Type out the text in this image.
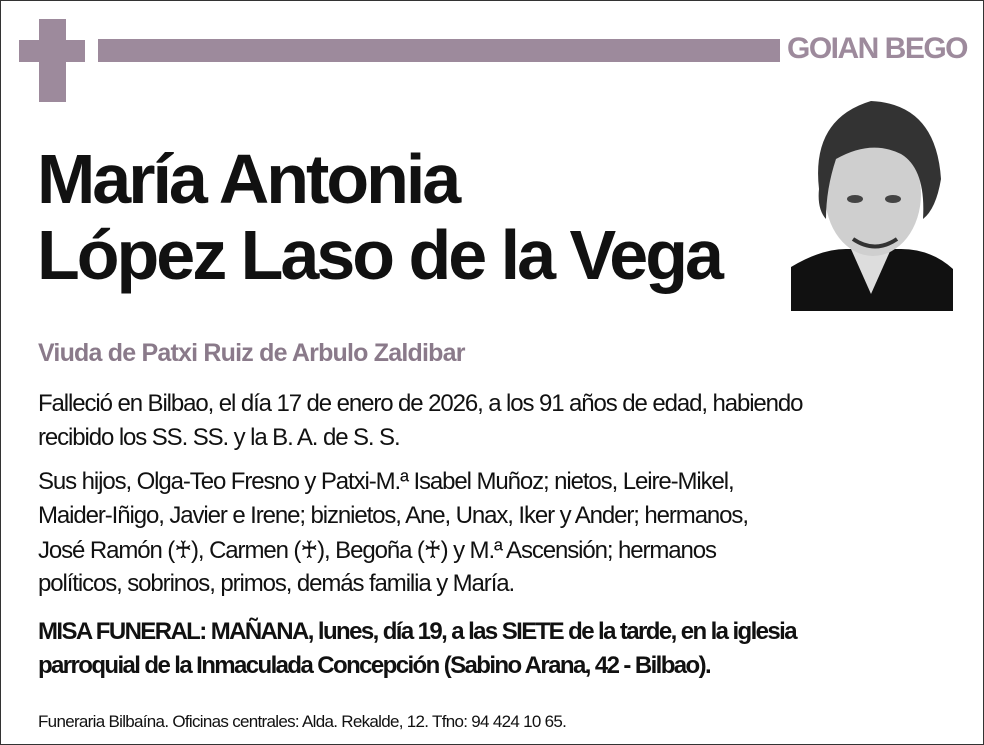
GOIAN BEGO
María Antonia
López Laso de la Vega
Viuda de Patxi Ruiz de Arbulo Zaldibar
Falleció en Bilbao, el día 17 de enero de 2026, a los 91 años de edad, habiendo
recibido los SS. SS. y la B. A. de S. S.
Sus hijos, Olga-Teo Fresno y Patxi-M.ª Isabel Muñoz; nietos, Leire-Mikel,
Maider-Iñigo, Javier e Irene; biznietos, Ane, Unax, Iker y Ander; hermanos,
José Ramón (♰), Carmen (♰), Begoña (♰) y M.ª Ascensión; hermanos
políticos, sobrinos, primos, demás familia y María.
MISA FUNERAL: MAÑANA, lunes, día 19, a las SIETE de la tarde, en la iglesia
parroquial de la Inmaculada Concepción (Sabino Arana, 42 - Bilbao).
Funeraria Bilbaína. Oficinas centrales: Alda. Rekalde, 12. Tfno: 94 424 10 65.
